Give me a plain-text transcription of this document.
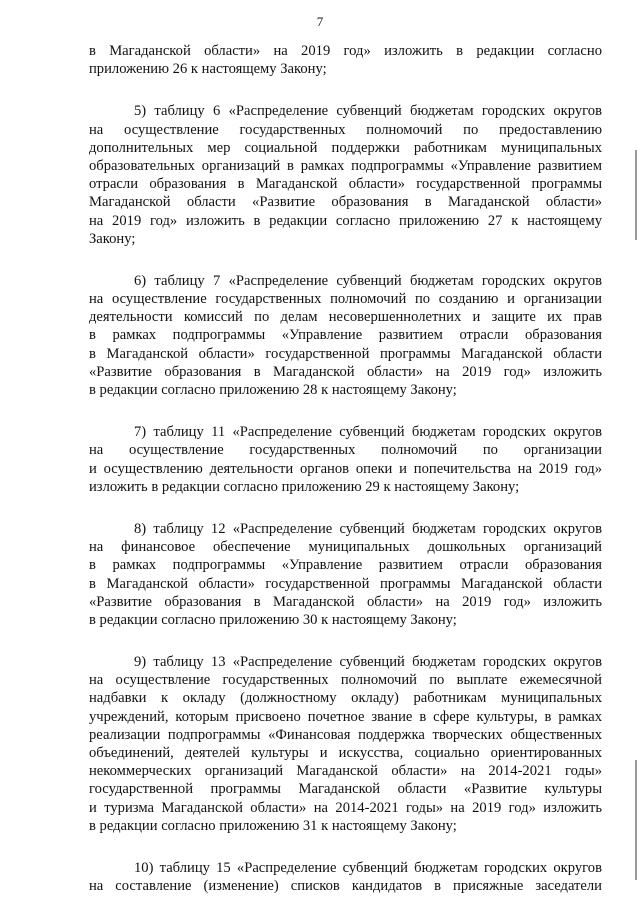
7
в Магаданской области» на 2019 год» изложить в редакции согласно
приложению 26 к настоящему Закону;
5) таблицу 6 «Распределение субвенций бюджетам городских округов
на осуществление государственных полномочий по предоставлению
дополнительных мер социальной поддержки работникам муниципальных
образовательных организаций в рамках подпрограммы «Управление развитием
отрасли образования в Магаданской области» государственной программы
Магаданской области «Развитие образования в Магаданской области»
на 2019 год» изложить в редакции согласно приложению 27 к настоящему
Закону;
6) таблицу 7 «Распределение субвенций бюджетам городских округов
на осуществление государственных полномочий по созданию и организации
деятельности комиссий по делам несовершеннолетних и защите их прав
в рамках подпрограммы «Управление развитием отрасли образования
в Магаданской области» государственной программы Магаданской области
«Развитие образования в Магаданской области» на 2019 год» изложить
в редакции согласно приложению 28 к настоящему Закону;
7) таблицу 11 «Распределение субвенций бюджетам городских округов
на осуществление государственных полномочий по организации
и осуществлению деятельности органов опеки и попечительства на 2019 год»
изложить в редакции согласно приложению 29 к настоящему Закону;
8) таблицу 12 «Распределение субвенций бюджетам городских округов
на финансовое обеспечение муниципальных дошкольных организаций
в рамках подпрограммы «Управление развитием отрасли образования
в Магаданской области» государственной программы Магаданской области
«Развитие образования в Магаданской области» на 2019 год» изложить
в редакции согласно приложению 30 к настоящему Закону;
9) таблицу 13 «Распределение субвенций бюджетам городских округов
на осуществление государственных полномочий по выплате ежемесячной
надбавки к окладу (должностному окладу) работникам муниципальных
учреждений, которым присвоено почетное звание в сфере культуры, в рамках
реализации подпрограммы «Финансовая поддержка творческих общественных
объединений, деятелей культуры и искусства, социально ориентированных
некоммерческих организаций Магаданской области» на 2014-2021 годы»
государственной программы Магаданской области «Развитие культуры
и туризма Магаданской области» на 2014-2021 годы» на 2019 год» изложить
в редакции согласно приложению 31 к настоящему Закону;
10) таблицу 15 «Распределение субвенций бюджетам городских округов
на составление (изменение) списков кандидатов в присяжные заседатели
